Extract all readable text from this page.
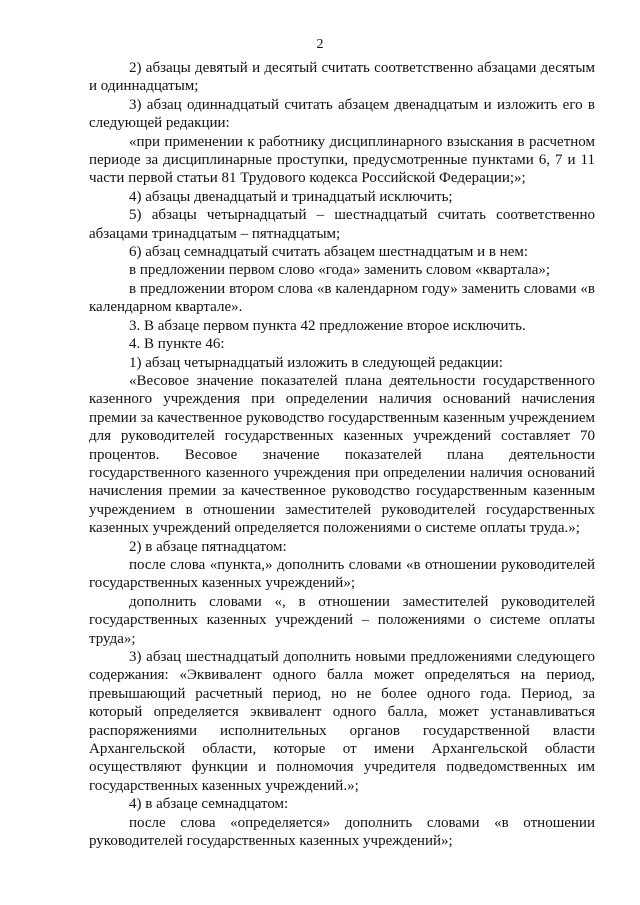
2

2) абзацы девятый и десятый считать соответственно абзацами десятым и одиннадцатым;

3) абзац одиннадцатый считать абзацем двенадцатым и изложить его в следующей редакции:

«при применении к работнику дисциплинарного взыскания в расчетном периоде за дисциплинарные проступки, предусмотренные пунктами 6, 7 и 11 части первой статьи 81 Трудового кодекса Российской Федерации;»;

4) абзацы двенадцатый и тринадцатый исключить;

5) абзацы четырнадцатый – шестнадцатый считать соответственно абзацами тринадцатым – пятнадцатым;

6) абзац семнадцатый считать абзацем шестнадцатым и в нем:

в предложении первом слово «года» заменить словом «квартала»;

в предложении втором слова «в календарном году» заменить словами «в календарном квартале».

3. В абзаце первом пункта 42 предложение второе исключить.

4. В пункте 46:

1) абзац четырнадцатый изложить в следующей редакции:

«Весовое значение показателей плана деятельности государственного казенного учреждения при определении наличия оснований начисления премии за качественное руководство государственным казенным учреждением для руководителей государственных казенных учреждений составляет 70 процентов. Весовое значение показателей плана деятельности государственного казенного учреждения при определении наличия оснований начисления премии за качественное руководство государственным казенным учреждением в отношении заместителей руководителей государственных казенных учреждений определяется положениями о системе оплаты труда.»;

2) в абзаце пятнадцатом:

после слова «пункта,» дополнить словами «в отношении руководителей государственных казенных учреждений»;

дополнить словами «, в отношении заместителей руководителей государственных казенных учреждений – положениями о системе оплаты труда»;

3) абзац шестнадцатый дополнить новыми предложениями следующего содержания: «Эквивалент одного балла может определяться на период, превышающий расчетный период, но не более одного года. Период, за который определяется эквивалент одного балла, может устанавливаться распоряжениями исполнительных органов государственной власти Архангельской области, которые от имени Архангельской области осуществляют функции и полномочия учредителя подведомственных им государственных казенных учреждений.»;

4) в абзаце семнадцатом:

после слова «определяется» дополнить словами «в отношении руководителей государственных казенных учреждений»;
